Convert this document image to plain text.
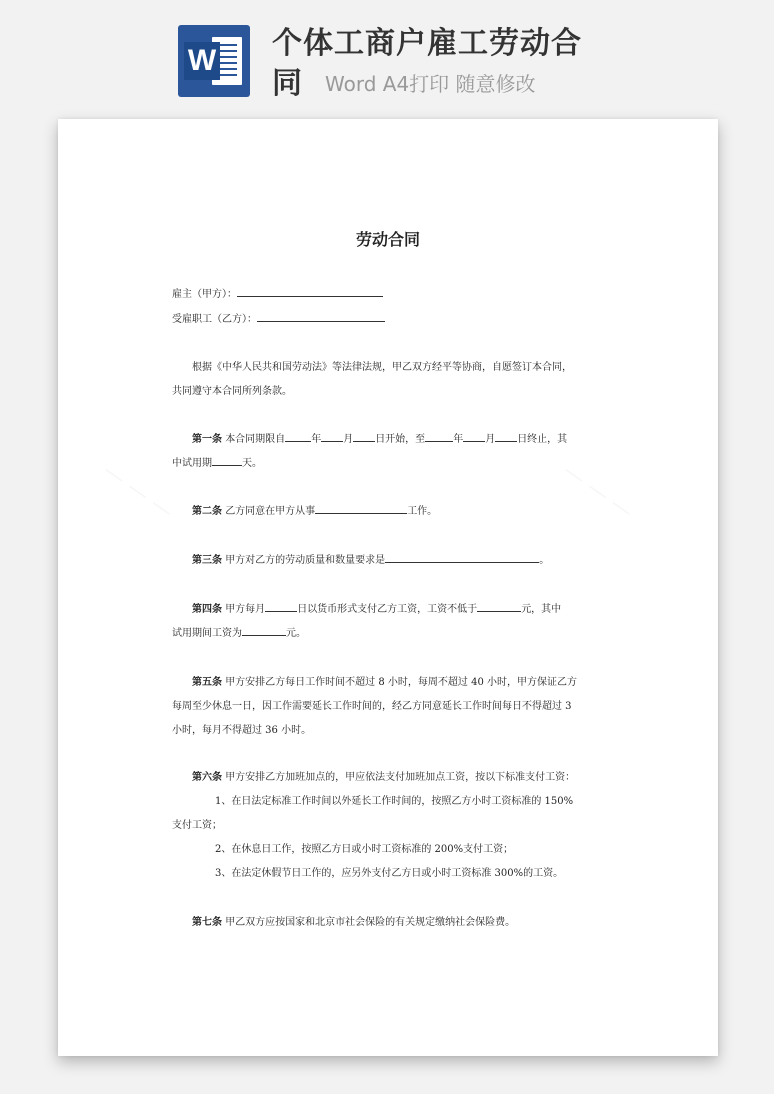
W 个体工商户雇工劳动合同	Word A4打印 随意修改
劳动合同
雇主（甲方）：
受雇职工（乙方）：
根据《中华人民共和国劳动法》等法律法规，甲乙双方经平等协商，自愿签订本合同，
共同遵守本合同所列条款。
第一条 本合同期限自	年 月 日开始，至	年 月 日终止，其
中试用期	天。
第二条 乙方同意在甲方从事	工作。
第三条 甲方对乙方的劳动质量和数量要求是	。
第四条 甲方每月	日以货币形式支付乙方工资，工资不低于	元，其中
试用期间工资为	元。
第五条 甲方安排乙方每日工作时间不超过 8 小时，每周不超过 40 小时，甲方保证乙方
每周至少休息一日，因工作需要延长工作时间的，经乙方同意延长工作时间每日不得超过 3
小时，每月不得超过 36 小时。
第六条 甲方安排乙方加班加点的，甲应依法支付加班加点工资，按以下标准支付工资：
1、在日法定标准工作时间以外延长工作时间的，按照乙方小时工资标准的 150%
支付工资；
2、在休息日工作，按照乙方日或小时工资标准的 200%支付工资；
3、在法定休假节日工作的，应另外支付乙方日或小时工资标准 300%的工资。
第七条 甲乙双方应按国家和北京市社会保险的有关规定缴纳社会保险费。
